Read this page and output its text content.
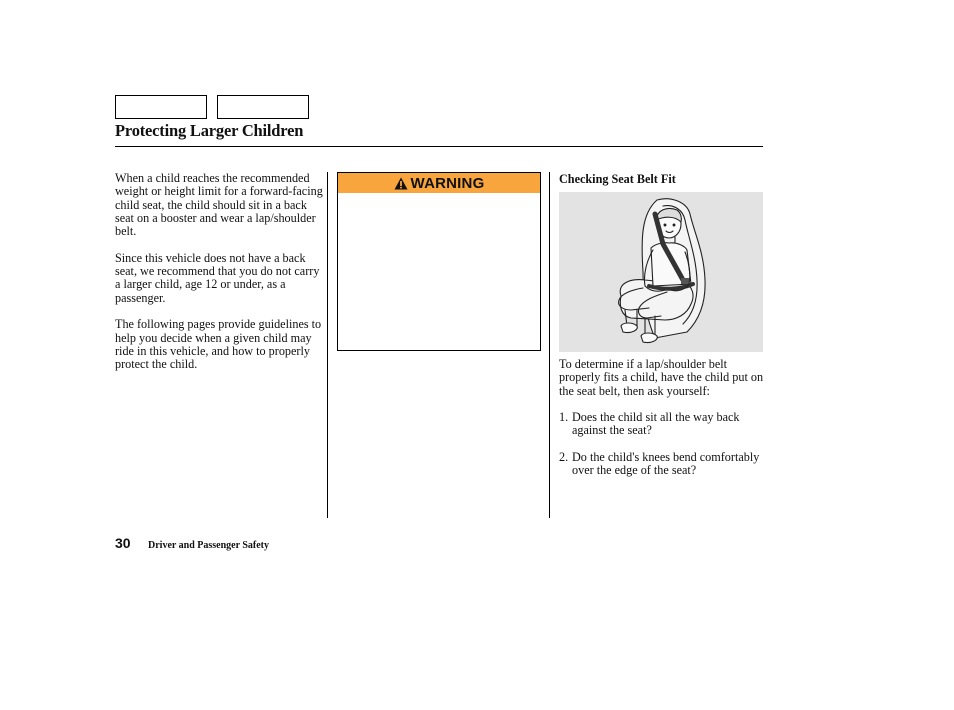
Protecting Larger Children

When a child reaches the recommended weight or height limit for a forward-facing child seat, the child should sit in a back seat on a booster and wear a lap/shoulder belt.

Since this vehicle does not have a back seat, we recommend that you do not carry a larger child, age 12 or under, as a passenger.

The following pages provide guidelines to help you decide when a given child may ride in this vehicle, and how to properly protect the child.

WARNING	Checking Seat Belt Fit

To determine if a lap/shoulder belt properly fits a child, have the child put on the seat belt, then ask yourself:

1. Does the child sit all the way back against the seat?
2. Do the child's knees bend comfortably over the edge of the seat?
30 Driver and Passenger Safety
